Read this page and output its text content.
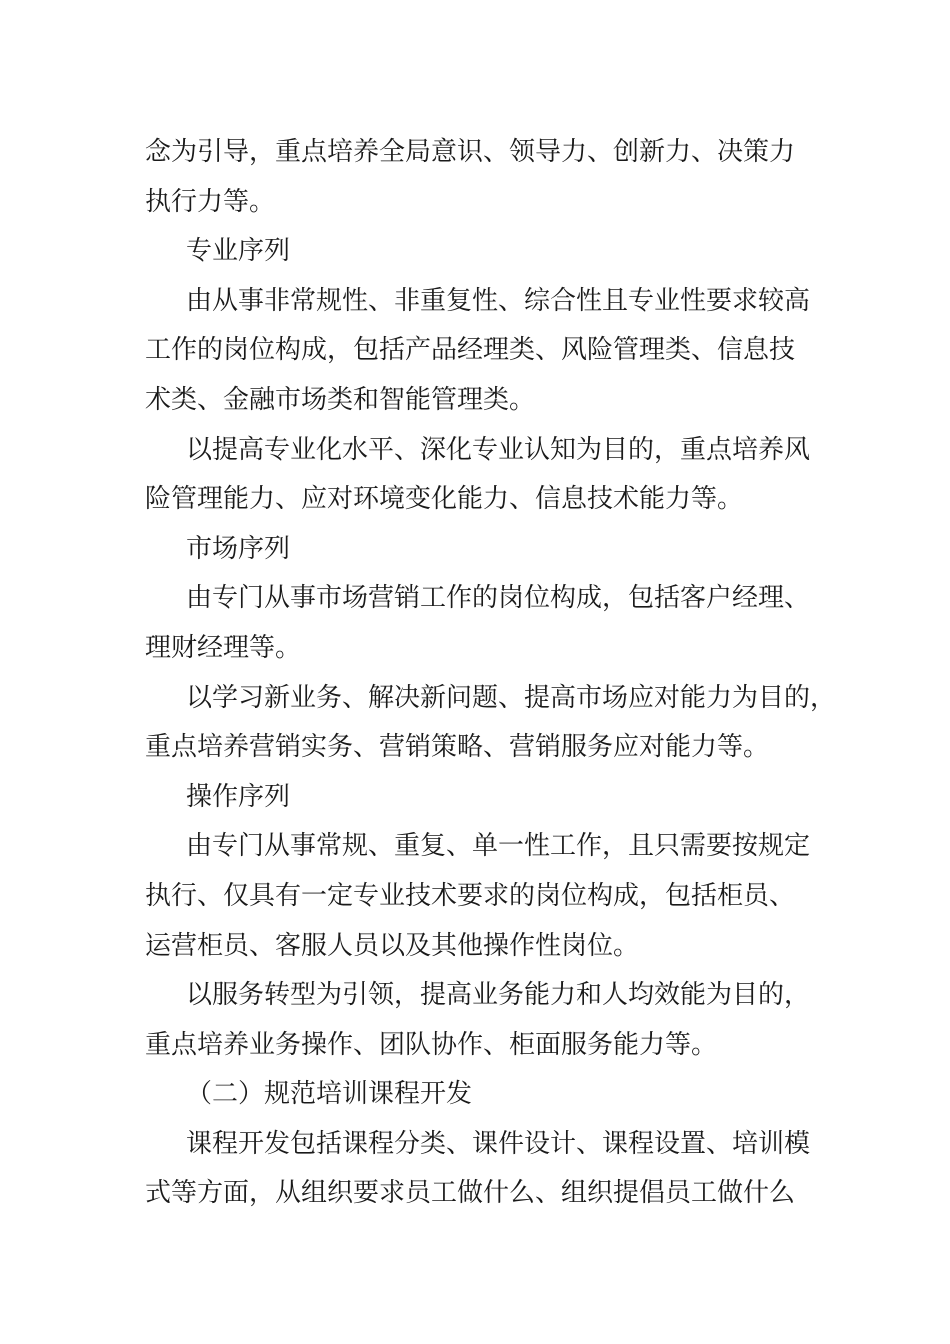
念为引导，重点培养全局意识、领导力、创新力、决策力

执行力等。

专业序列

由从事非常规性、非重复性、综合性且专业性要求较高

工作的岗位构成，包括产品经理类、风险管理类、信息技

术类、金融市场类和智能管理类。

以提高专业化水平、深化专业认知为目的，重点培养风

险管理能力、应对环境变化能力、信息技术能力等。

市场序列

由专门从事市场营销工作的岗位构成，包括客户经理、

理财经理等。

以学习新业务、解决新问题、提高市场应对能力为目的，

重点培养营销实务、营销策略、营销服务应对能力等。

操作序列

由专门从事常规、重复、单一性工作，且只需要按规定

执行、仅具有一定专业技术要求的岗位构成，包括柜员、

运营柜员、客服人员以及其他操作性岗位。

以服务转型为引领，提高业务能力和人均效能为目的，

重点培养业务操作、团队协作、柜面服务能力等。

（二）规范培训课程开发

课程开发包括课程分类、课件设计、课程设置、培训模

式等方面，从组织要求员工做什么、组织提倡员工做什么
